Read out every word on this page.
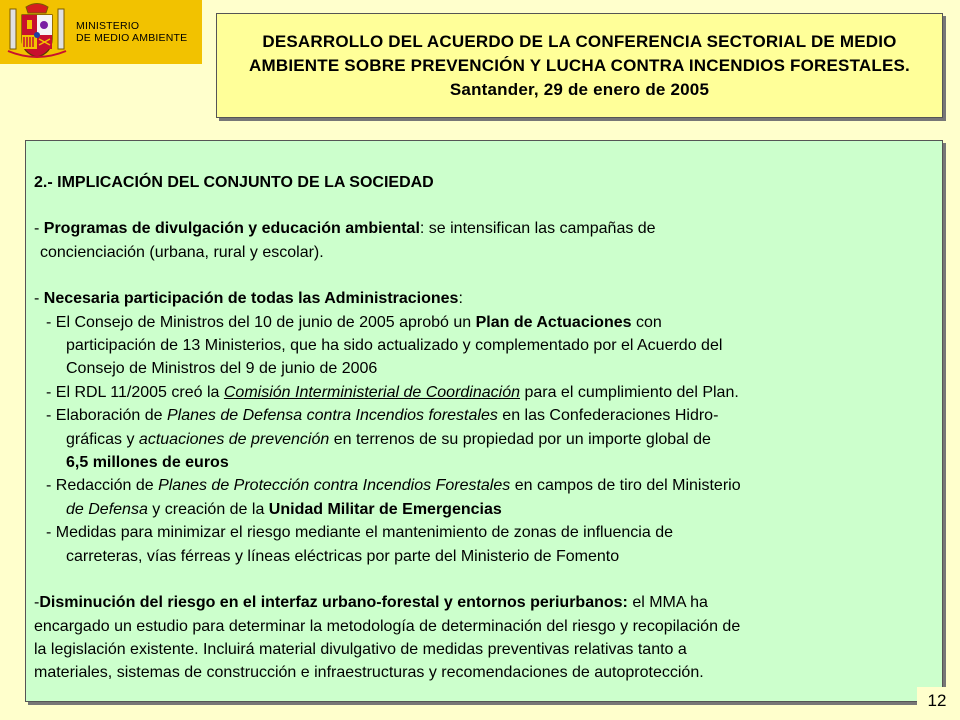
MINISTERIO
DE MEDIO AMBIENTE	DESARROLLO DEL ACUERDO DE LA CONFERENCIA SECTORIAL DE MEDIO AMBIENTE SOBRE PREVENCIÓN Y LUCHA CONTRA INCENDIOS FORESTALES. Santander, 29 de enero de 2005

2.- IMPLICACIÓN DEL CONJUNTO DE LA SOCIEDAD

- Programas de divulgación y educación ambiental: se intensifican las campañas de

concienciación (urbana, rural y escolar).

- Necesaria participación de todas las Administraciones:

- El Consejo de Ministros del 10 de junio de 2005 aprobó un Plan de Actuaciones con

participación de 13 Ministerios, que ha sido actualizado y complementado por el Acuerdo del

Consejo de Ministros del 9 de junio de 2006

- El RDL 11/2005 creó la Comisión Interministerial de Coordinación para el cumplimiento del Plan.

- Elaboración de Planes de Defensa contra Incendios forestales en las Confederaciones Hidro-

gráficas y actuaciones de prevención en terrenos de su propiedad por un importe global de

6,5 millones de euros

- Redacción de Planes de Protección contra Incendios Forestales en campos de tiro del Ministerio

de Defensa y creación de la Unidad Militar de Emergencias

- Medidas para minimizar el riesgo mediante el mantenimiento de zonas de influencia de

carreteras, vías férreas y líneas eléctricas por parte del Ministerio de Fomento

-Disminución del riesgo en el interfaz urbano-forestal y entornos periurbanos: el MMA ha

encargado un estudio para determinar la metodología de determinación del riesgo y recopilación de

la legislación existente. Incluirá material divulgativo de medidas preventivas relativas tanto a

materiales, sistemas de construcción e infraestructuras y recomendaciones de autoprotección.

12
